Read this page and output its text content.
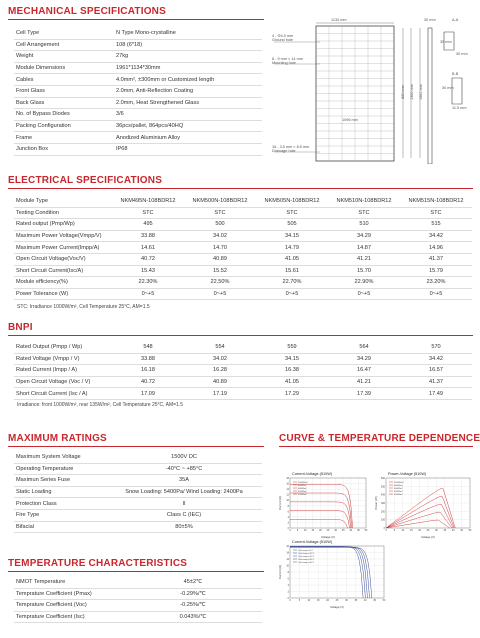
MECHANICAL SPECIFICATIONS
Cell Type	N Type Mono-crystalline
Cell Arrangement	108 (6*18)
Weight	27kg
Module Dimensions	1961*1134*30mm
Cables	4.0mm², ±300mm or Customized length
Front Glass	2.0mm, Anti-Reflection Coating
Back Glass	2.0mm, Heat Strengthened Glass
No. of Bypass Diodes	3/6
Packing Configuration	36pcs/pallet, 864pcs/40HQ
Frame	Anodized Aluminium Alloy
Junction Box	IP68
1134 mm	30 mm	A-A
B-B
30 mm
35 mm
30 mm
11.5 mm
4 - Φ4.5 mm
Ground hole
8 - 9 mm × 14 mm
Mounting hole
16 - 3.5 mm × 8.5 mm
Drainage hole
1096 mm
860 mm 1300 mm 1961 mm
ELECTRICAL SPECIFICATIONS
Module Type	NKM495N-108BDR12	NKM500N-108BDR12	NKM505N-108BDR12	NKM510N-108BDR12	NKM515N-108BDR12
Testing Condition	STC	STC	STC	STC	STC
Rated output (Pmp/Wp)	495	500	505	510	515
Maximum Power Voltage(Vmpp/V)	33.88	34.02	34.15	34.29	34.42
Maximum Power Current(Impp/A)	14.61	14.70	14.79	14.87	14.96
Open Circuit Voltage(Voc/V)	40.72	40.89	41.05	41.21	41.37
Short Circuit Current(Isc/A)	15.43	15.52	15.61	15.70	15.79
Module efficiency(%)	22.30%	22.50%	22.70%	22.90%	23.20%
Power Tolerance (W)	0~+5	0~+5	0~+5	0~+5	0~+5
STC: Irradiance 1000W/m², Cell Temperature 25°C, AM=1.5
BNPI
Rated Output (Pmpp / Wp)	548	554	559	564	570
Rated Voltage (Vmpp / V)	33.88	34.02	34.15	34.29	34.42
Rated Current (Impp / A)	16.18	16.28	16.38	16.47	16.57
Open Circuit Voltage (Voc / V)	40.72	40.89	41.05	41.21	41.37
Short Circuit Current (Isc / A)	17.09	17.19	17.29	17.39	17.49
Irradiance: front 1000W/m², rear 135W/m², Cell Temperature 25°C, AM=1.5
MAXIMUM RATINGS
Maximum System Voltage	1500V DC
Operating Temperature	-40°C ~ +85°C
Maximun Series Fuse	35A
Static Loading	Snow Loading: 5400Pa/ Wind Loading: 2400Pa
Protection Class	II
Fire Type	Class C (IEC)
Bifacial	80±5%
TEMPERATURE CHARACTERISTICS
NMOT Temperature	45±2℃
Temprature Coefficient (Pmax)	-0.29%/℃
Temprature Coefficient (Voc)	-0.25%/℃
Temprature Coefficient (Isc)	0.043%/℃
CURVE & TEMPERATURE DEPENDENCE
Current-Voltage (510W)
0
2
4
6
8
10
12
14
16
18
0	5 10 15 20 25 30 35 40 45 50
Voltage (V)
Current (A)
1000W/m²
800W/m²
600W/m²
400W/m²
200W/m²
Power-Voltage (510W)
0
100
200
300
400
500
600
0	5	10 15 20 25 30 35 40 45 50
Voltage (V)
Power (W)
1000W/m²
800W/m²
600W/m²
400W/m²
200W/m²
Current-Voltage (510W)
0
2
4
6
8
10
12
14
16
0	5	10	15	20	25	30	35	40	45	50
Voltage (V)
Current (A)
Cells temp.=5°C
Cells temp.=15°C
Cells temp.=25°C
Cells temp.=35°C
Cells temp.=45°C
